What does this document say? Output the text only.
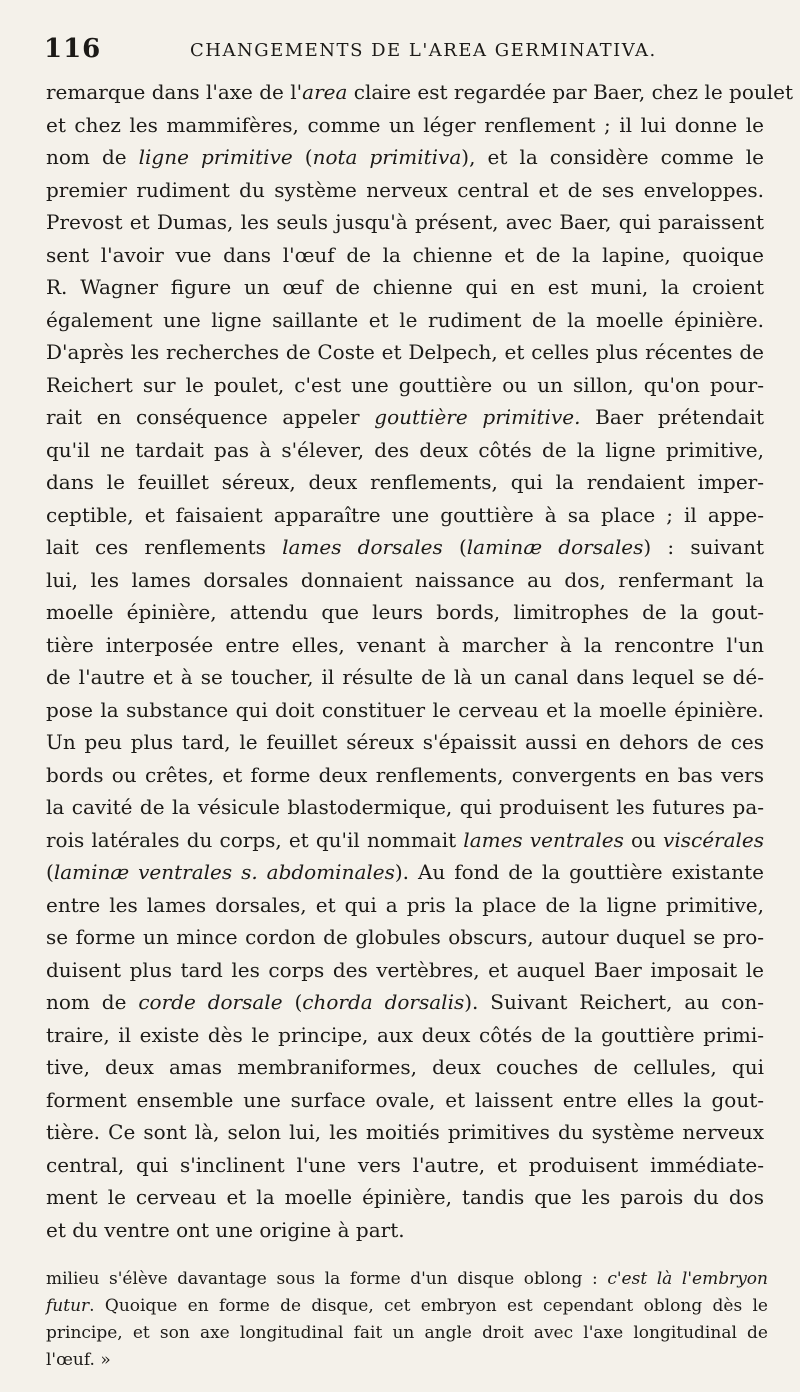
116	CHANGEMENTS DE L'AREA GERMINATIVA.
remarque dans l'axe de l'area claire est regardée par Baer, chez le poulet
et chez les mammifères, comme un léger renflement ; il lui donne le
nom de ligne primitive (nota primitiva), et la considère comme le
premier rudiment du système nerveux central et de ses enveloppes.
Prevost et Dumas, les seuls jusqu'à présent, avec Baer, qui paraissent
sent l'avoir vue dans l'œuf de la chienne et de la lapine, quoique
R. Wagner figure un œuf de chienne qui en est muni, la croient
également une ligne saillante et le rudiment de la moelle épinière.
D'après les recherches de Coste et Delpech, et celles plus récentes de
Reichert sur le poulet, c'est une gouttière ou un sillon, qu'on pour-
rait en conséquence appeler gouttière primitive. Baer prétendait
qu'il ne tardait pas à s'élever, des deux côtés de la ligne primitive,
dans le feuillet séreux, deux renflements, qui la rendaient imper-
ceptible, et faisaient apparaître une gouttière à sa place ; il appe-
lait ces renflements lames dorsales (laminæ dorsales) : suivant
lui, les lames dorsales donnaient naissance au dos, renfermant la
moelle épinière, attendu que leurs bords, limitrophes de la gout-
tière interposée entre elles, venant à marcher à la rencontre l'un
de l'autre et à se toucher, il résulte de là un canal dans lequel se dé-
pose la substance qui doit constituer le cerveau et la moelle épinière.
Un peu plus tard, le feuillet séreux s'épaissit aussi en dehors de ces
bords ou crêtes, et forme deux renflements, convergents en bas vers
la cavité de la vésicule blastodermique, qui produisent les futures pa-
rois latérales du corps, et qu'il nommait lames ventrales ou viscérales
(laminæ ventrales s. abdominales). Au fond de la gouttière existante
entre les lames dorsales, et qui a pris la place de la ligne primitive,
se forme un mince cordon de globules obscurs, autour duquel se pro-
duisent plus tard les corps des vertèbres, et auquel Baer imposait le
nom de corde dorsale (chorda dorsalis). Suivant Reichert, au con-
traire, il existe dès le principe, aux deux côtés de la gouttière primi-
tive, deux amas membraniformes, deux couches de cellules, qui
forment ensemble une surface ovale, et laissent entre elles la gout-
tière. Ce sont là, selon lui, les moitiés primitives du système nerveux
central, qui s'inclinent l'une vers l'autre, et produisent immédiate-
ment le cerveau et la moelle épinière, tandis que les parois du dos
et du ventre ont une origine à part.
milieu s'élève davantage sous la forme d'un disque oblong : c'est là l'embryon
futur. Quoique en forme de disque, cet embryon est cependant oblong dès le
principe, et son axe longitudinal fait un angle droit avec l'axe longitudinal de
l'œuf. »
